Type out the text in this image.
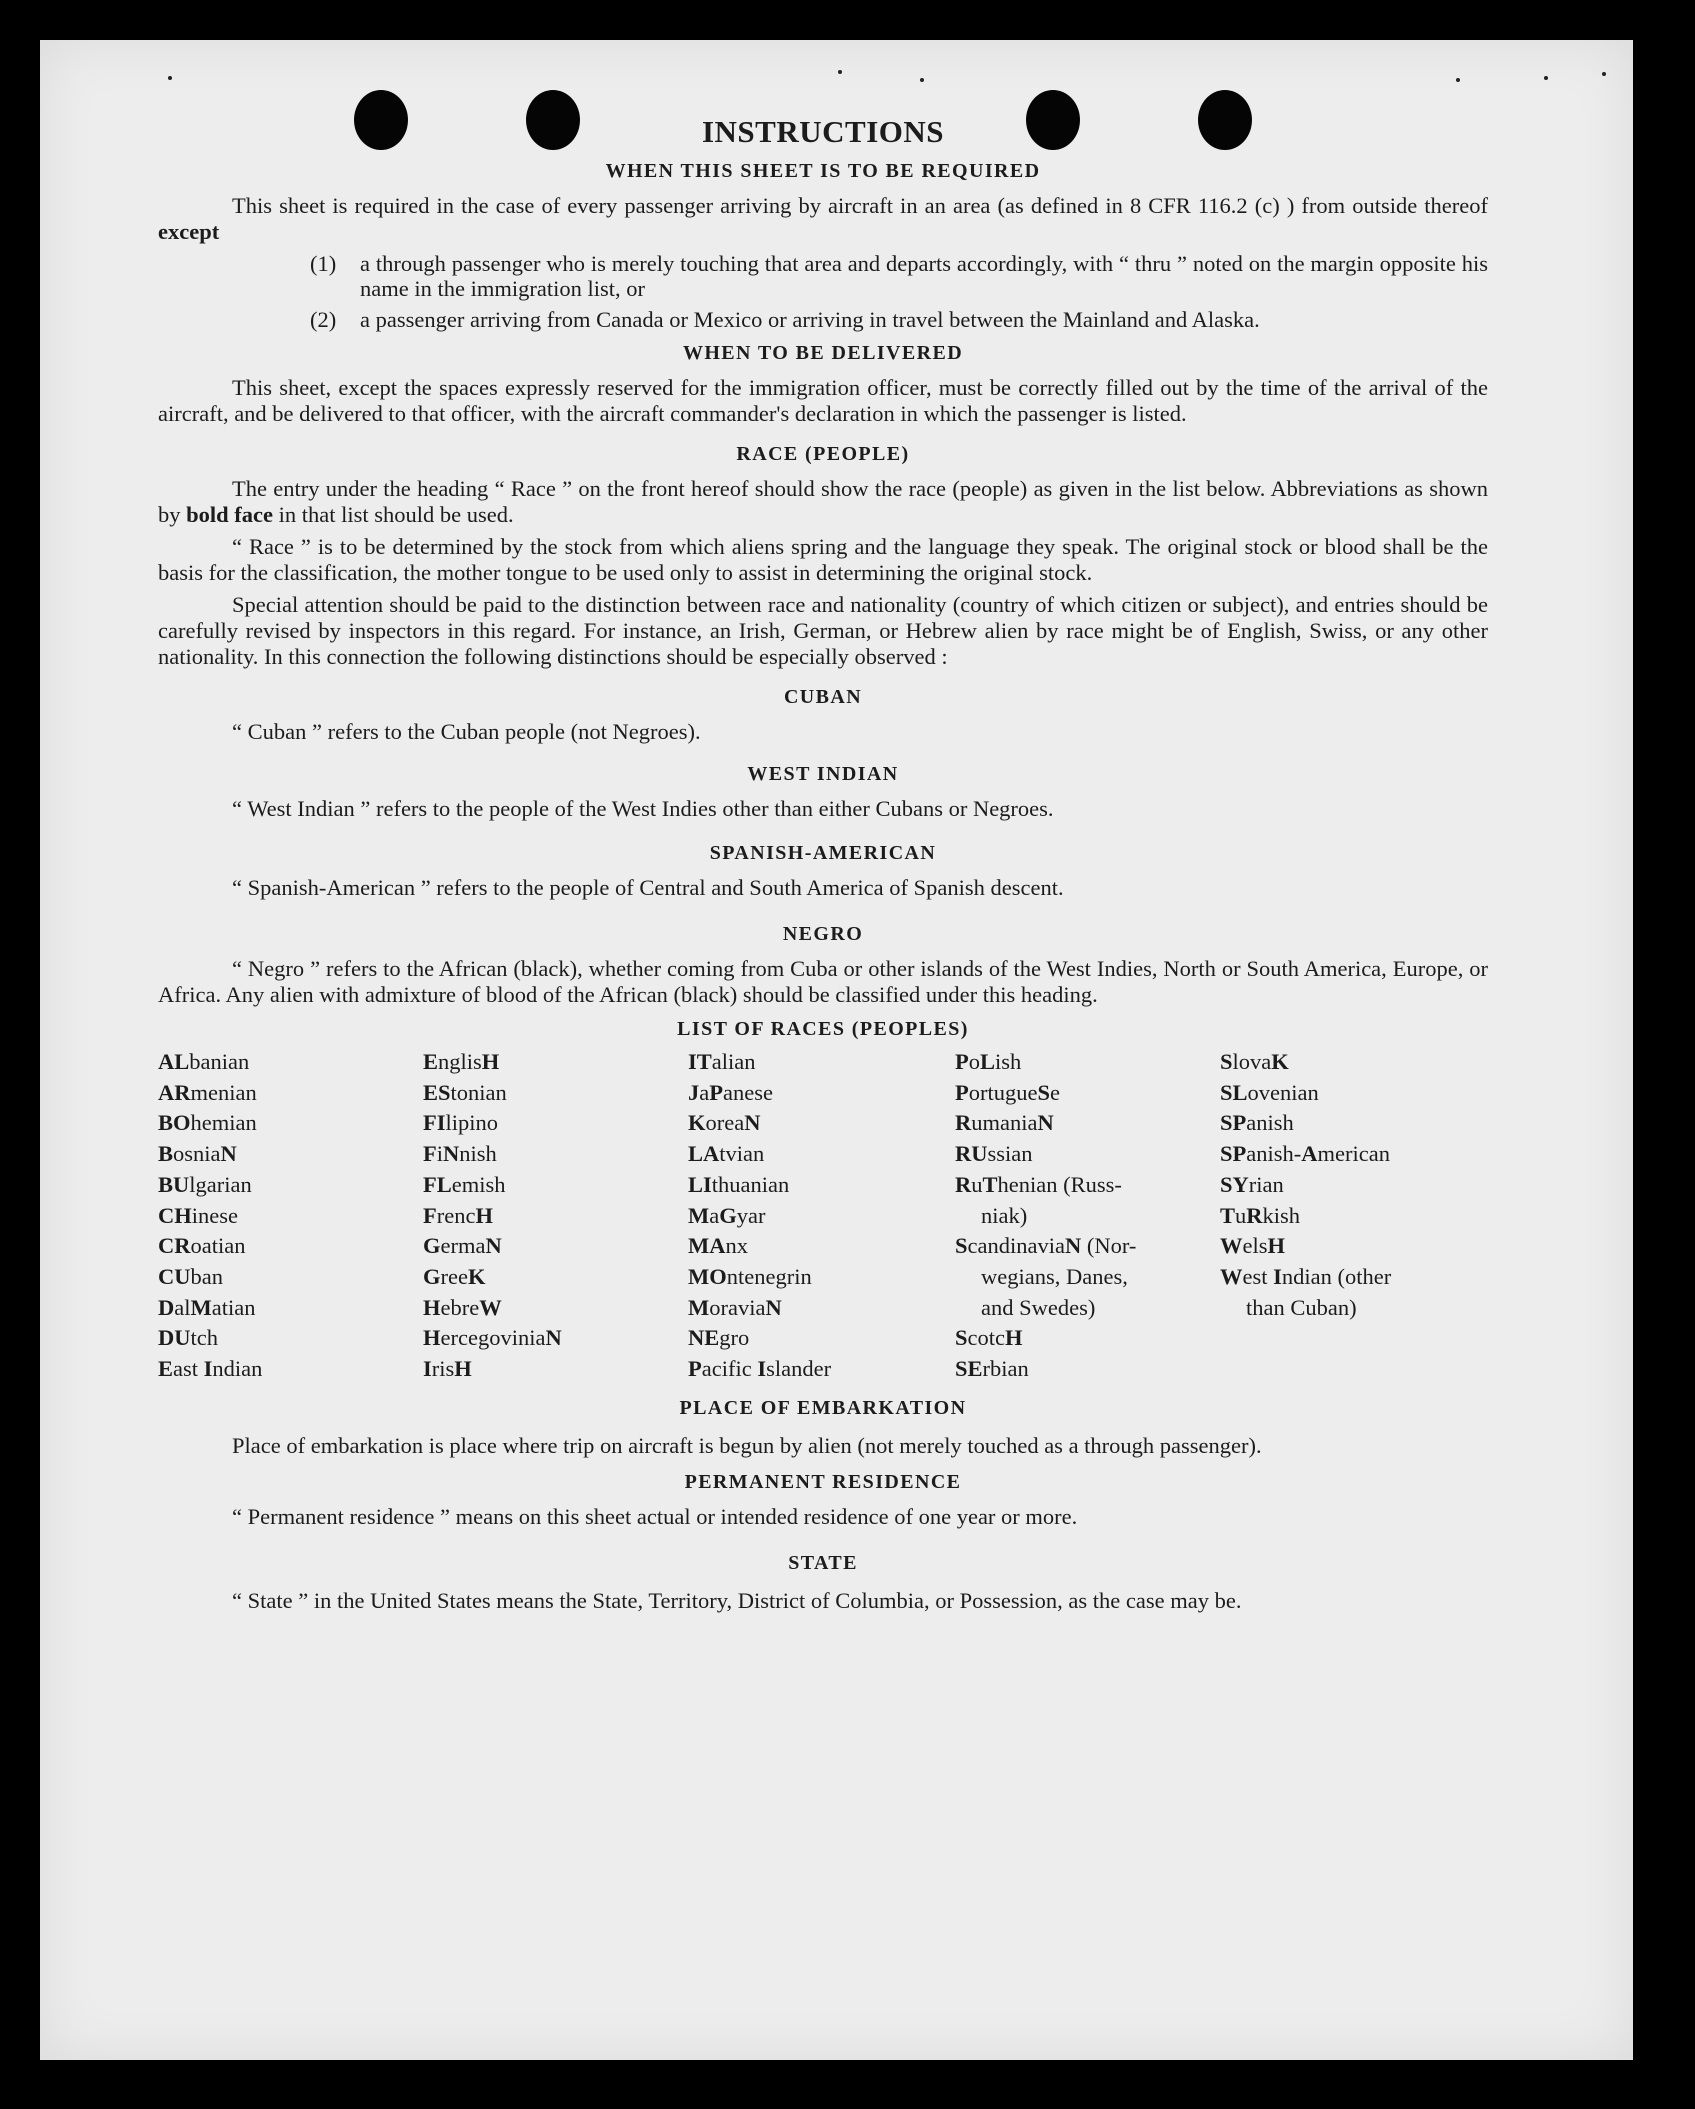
INSTRUCTIONS
WHEN THIS SHEET IS TO BE REQUIRED

This sheet is required in the case of every passenger arriving by aircraft in an area (as defined in 8 CFR 116.2 (c) ) from outside thereof except

(1)	a through passenger who is merely touching that area and departs accordingly, with “ thru ” noted on the margin opposite his name in the immigration list, or
(2)	a passenger arriving from Canada or Mexico or arriving in travel between the Mainland and Alaska.
WHEN TO BE DELIVERED

This sheet, except the spaces expressly reserved for the immigration officer, must be correctly filled out by the time of the arrival of the aircraft, and be delivered to that officer, with the aircraft commander's declaration in which the passenger is listed.

RACE (PEOPLE)

The entry under the heading “ Race ” on the front hereof should show the race (people) as given in the list below. Abbreviations as shown by bold face in that list should be used.

“ Race ” is to be determined by the stock from which aliens spring and the language they speak. The original stock or blood shall be the basis for the classification, the mother tongue to be used only to assist in determining the original stock.

Special attention should be paid to the distinction between race and nationality (country of which citizen or subject), and entries should be carefully revised by inspectors in this regard. For instance, an Irish, German, or Hebrew alien by race might be of English, Swiss, or any other nationality. In this connection the following distinctions should be especially observed :

CUBAN
“ Cuban ” refers to the Cuban people (not Negroes).
WEST INDIAN
“ West Indian ” refers to the people of the West Indies other than either Cubans or Negroes.
SPANISH-AMERICAN
“ Spanish-American ” refers to the people of Central and South America of Spanish descent.
NEGRO

“ Negro ” refers to the African (black), whether coming from Cuba or other islands of the West Indies, North or South America, Europe, or Africa. Any alien with admixture of blood of the African (black) should be classified under this heading.

LIST OF RACES (PEOPLES)
ALbanian
ARmenian
BOhemian
BosniaN
BUlgarian
CHinese
CRoatian
CUban
DalMatian
DUtch
East Indian
EnglisH
EStonian
FIlipino
FiNnish
FLemish
FrencH
GermaN
GreeK
HebreW
HercegoviniaN
IrisH
ITalian
JaPanese
KoreaN
LAtvian
LIthuanian
MaGyar
MAnx
MOntenegrin
MoraviaN
NEgro
Pacific Islander
PoLish
PortugueSe
RumaniaN
RUssian
RuThenian (Russ-
niak)
ScandinaviaN (Nor-
wegians, Danes,
and Swedes)
ScotcH
SErbian
SlovaK
SLovenian
SPanish
SPanish-American
SYrian
TuRkish
WelsH
West Indian (other
than Cuban)
PLACE OF EMBARKATION

Place of embarkation is place where trip on aircraft is begun by alien (not merely touched as a through passenger).

PERMANENT RESIDENCE
“ Permanent residence ” means on this sheet actual or intended residence of one year or more.
STATE

“ State ” in the United States means the State, Territory, District of Columbia, or Possession, as the case may be.
